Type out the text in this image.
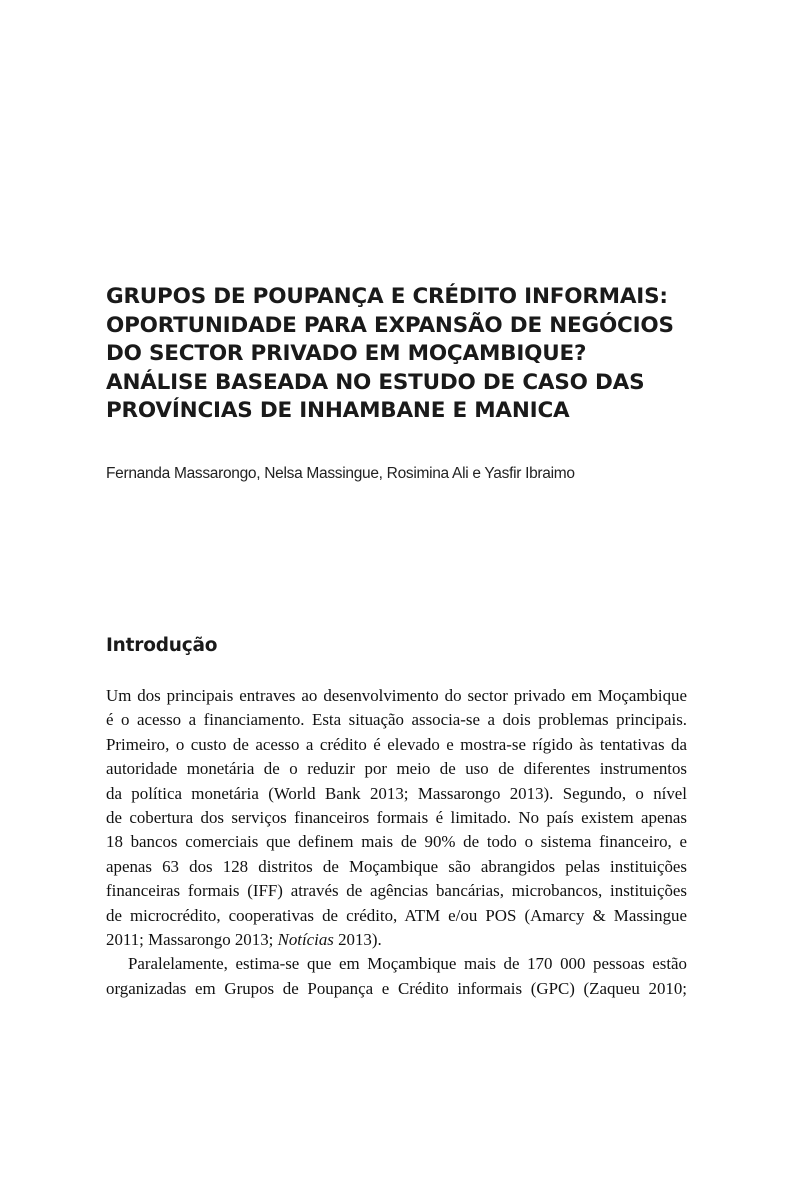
GRUPOS DE POUPANÇA E CRÉDITO INFORMAIS:
OPORTUNIDADE PARA EXPANSÃO DE NEGÓCIOS
DO SECTOR PRIVADO EM MOÇAMBIQUE?
ANÁLISE BASEADA NO ESTUDO DE CASO DAS
PROVÍNCIAS DE INHAMBANE E MANICA

Fernanda Massarongo, Nelsa Massingue, Rosimina Ali e Yasfir Ibraimo

Introdução
Um dos principais entraves ao desenvolvimento do sector privado em Moçambique
é o acesso a financiamento. Esta situação associa-se a dois problemas principais.
Primeiro, o custo de acesso a crédito é elevado e mostra-se rígido às tentativas da
autoridade monetária de o reduzir por meio de uso de diferentes instrumentos
da política monetária (World Bank 2013; Massarongo 2013). Segundo, o nível
de cobertura dos serviços financeiros formais é limitado. No país existem apenas
18 bancos comerciais que definem mais de 90% de todo o sistema financeiro, e
apenas 63 dos 128 distritos de Moçambique são abrangidos pelas instituições
financeiras formais (IFF) através de agências bancárias, microbancos, instituições
de microcrédito, cooperativas de crédito, ATM e/ou POS (Amarcy & Massingue
2011; Massarongo 2013; Notícias 2013).
Paralelamente, estima-se que em Moçambique mais de 170 000 pessoas estão
organizadas em Grupos de Poupança e Crédito informais (GPC) (Zaqueu 2010;
